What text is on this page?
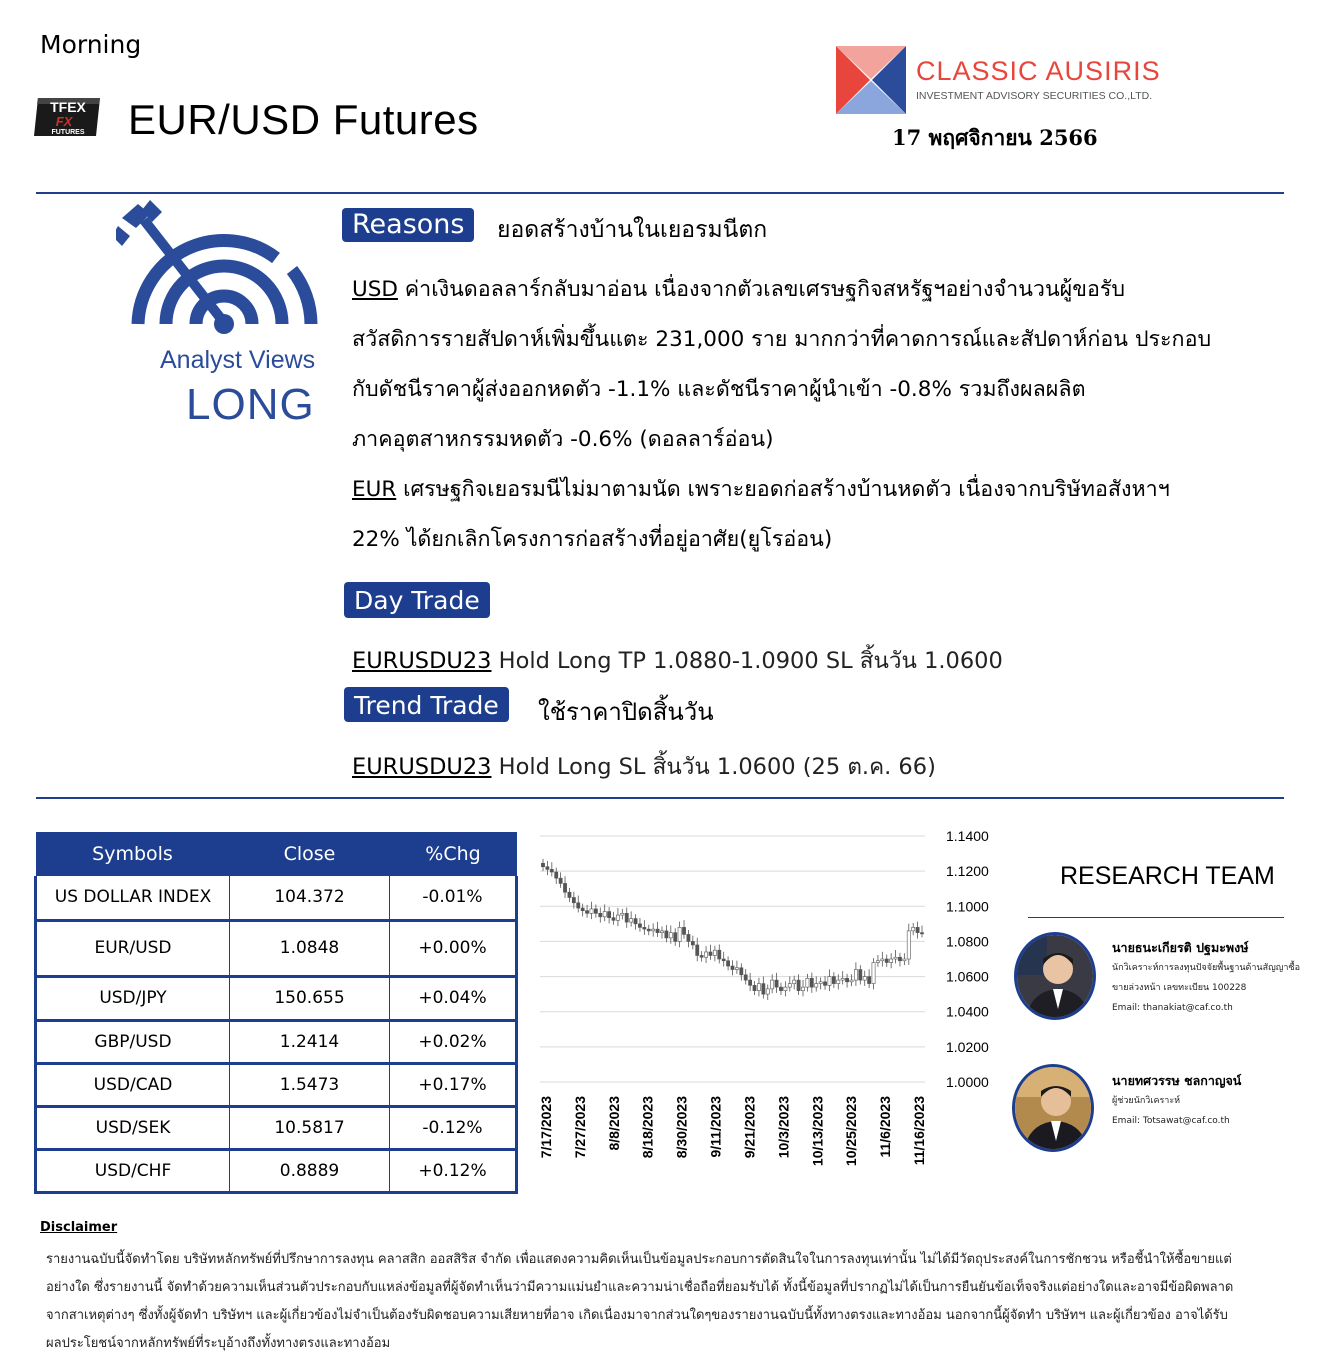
Morning
TFEX
FX
FUTURES EUR/USD Futures
CLASSIC AUSIRIS
INVESTMENT ADVISORY SECURITIES CO.,LTD.
17 พฤศจิกายน 2566
Analyst Views
LONG
Reasons	ยอดสร้างบ้านในเยอรมนีตก
USD ค่าเงินดอลลาร์กลับมาอ่อน เนื่องจากตัวเลขเศรษฐกิจสหรัฐฯอย่างจำนวนผู้ขอรับ
สวัสดิการรายสัปดาห์เพิ่มขึ้นแตะ 231,000 ราย มากกว่าที่คาดการณ์และสัปดาห์ก่อน ประกอบ
กับดัชนีราคาผู้ส่งออกหดตัว -1.1% และดัชนีราคาผู้นำเข้า -0.8% รวมถึงผลผลิต
ภาคอุตสาหกรรมหดตัว -0.6% (ดอลลาร์อ่อน)
EUR เศรษฐกิจเยอรมนีไม่มาตามนัด เพราะยอดก่อสร้างบ้านหดตัว เนื่องจากบริษัทอสังหาฯ
22% ได้ยกเลิกโครงการก่อสร้างที่อยู่อาศัย(ยูโรอ่อน)
Day Trade
EURUSDU23 Hold Long TP 1.0880-1.0900 SL สิ้นวัน 1.0600
Trend Trade	ใช้ราคาปิดสิ้นวัน
EURUSDU23 Hold Long SL สิ้นวัน 1.0600 (25 ต.ค. 66)
Symbols	Close	%Chg
US DOLLAR INDEX	104.372	-0.01%
EUR/USD	1.0848	+0.00%
USD/JPY	150.655	+0.04%
GBP/USD	1.2414	+0.02%
USD/CAD	1.5473	+0.17%
USD/SEK	10.5817	-0.12%
USD/CHF	0.8889	+0.12%
1.1400
1.1200
1.1000
1.0800
1.0600
1.0400
1.0200
1.0000
7/17/2023 7/27/2023 8/8/2023 8/18/2023 8/30/2023 9/11/2023 9/21/2023 10/3/2023 10/13/2023 10/25/2023 11/6/2023 11/16/2023
RESEARCH TEAM
นายธนะเกียรติ ปฐมะพงษ์
นักวิเคราะห์การลงทุนปัจจัยพื้นฐานด้านสัญญาซื้อ
ขายล่วงหน้า เลขทะเบียน 100228
Email: thanakiat@caf.co.th
นายทศวรรษ ชลกาญจน์
ผู้ช่วยนักวิเคราะห์
Email: Totsawat@caf.co.th
Disclaimer
รายงานฉบับนี้จัดทำโดย บริษัทหลักทรัพย์ที่ปรึกษาการลงทุน คลาสสิก ออสสิริส จำกัด เพื่อแสดงความคิดเห็นเป็นข้อมูลประกอบการตัดสินใจในการลงทุนเท่านั้น ไม่ได้มีวัตถุประสงค์ในการชักชวน หรือชี้นำให้ซื้อขายแต่
อย่างใด ซึ่งรายงานนี้ จัดทำด้วยความเห็นส่วนตัวประกอบกับแหล่งข้อมูลที่ผู้จัดทำเห็นว่ามีความแม่นยำและความน่าเชื่อถือที่ยอมรับได้ ทั้งนี้ข้อมูลที่ปรากฏไม่ได้เป็นการยืนยันข้อเท็จจริงแต่อย่างใดและอาจมีข้อผิดพลาด
จากสาเหตุต่างๆ ซึ่งทั้งผู้จัดทำ บริษัทฯ และผู้เกี่ยวข้องไม่จำเป็นต้องรับผิดชอบความเสียหายที่อาจ เกิดเนื่องมาจากส่วนใดๆของรายงานฉบับนี้ทั้งทางตรงและทางอ้อม นอกจากนี้ผู้จัดทำ บริษัทฯ และผู้เกี่ยวข้อง อาจได้รับ
ผลประโยชน์จากหลักทรัพย์ที่ระบุอ้างถึงทั้งทางตรงและทางอ้อม
